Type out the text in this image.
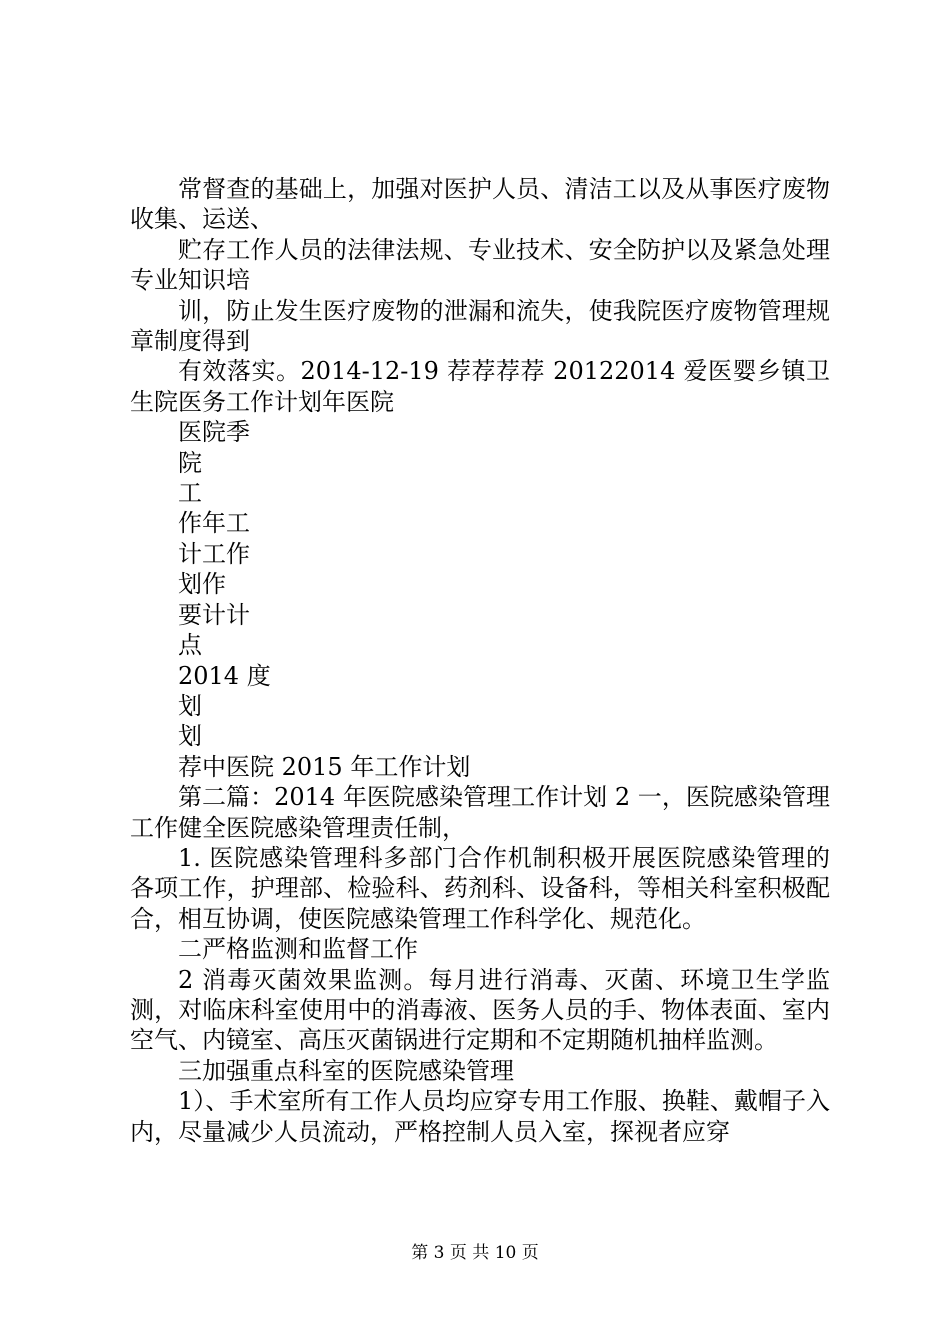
常督查的基础上，加强对医护人员、清洁工以及从事医疗废物收集、运送、

贮存工作人员的法律法规、专业技术、安全防护以及紧急处理专业知识培

训，防止发生医疗废物的泄漏和流失，使我院医疗废物管理规章制度得到

有效落实。2014-12-19 荐荐荐荐 20122014 爱医婴乡镇卫生院医务工作计划年医院

医院季

院

工

作年工

计工作

划作

要计计

点

2014 度

划

划

荐中医院 2015 年工作计划

第二篇：2014 年医院感染管理工作计划 2 一，医院感染管理工作健全医院感染管理责任制，

1. 医院感染管理科多部门合作机制积极开展医院感染管理的各项工作，护理部、检验科、药剂科、设备科，等相关科室积极配合，相互协调，使医院感染管理工作科学化、规范化。

二严格监测和监督工作

2 消毒灭菌效果监测。每月进行消毒、灭菌、环境卫生学监测，对临床科室使用中的消毒液、医务人员的手、物体表面、室内空气、内镜室、高压灭菌锅进行定期和不定期随机抽样监测。

三加强重点科室的医院感染管理

1）、手术室所有工作人员均应穿专用工作服、换鞋、戴帽子入内，尽量减少人员流动，严格控制人员入室，探视者应穿

第 3 页 共 10 页
